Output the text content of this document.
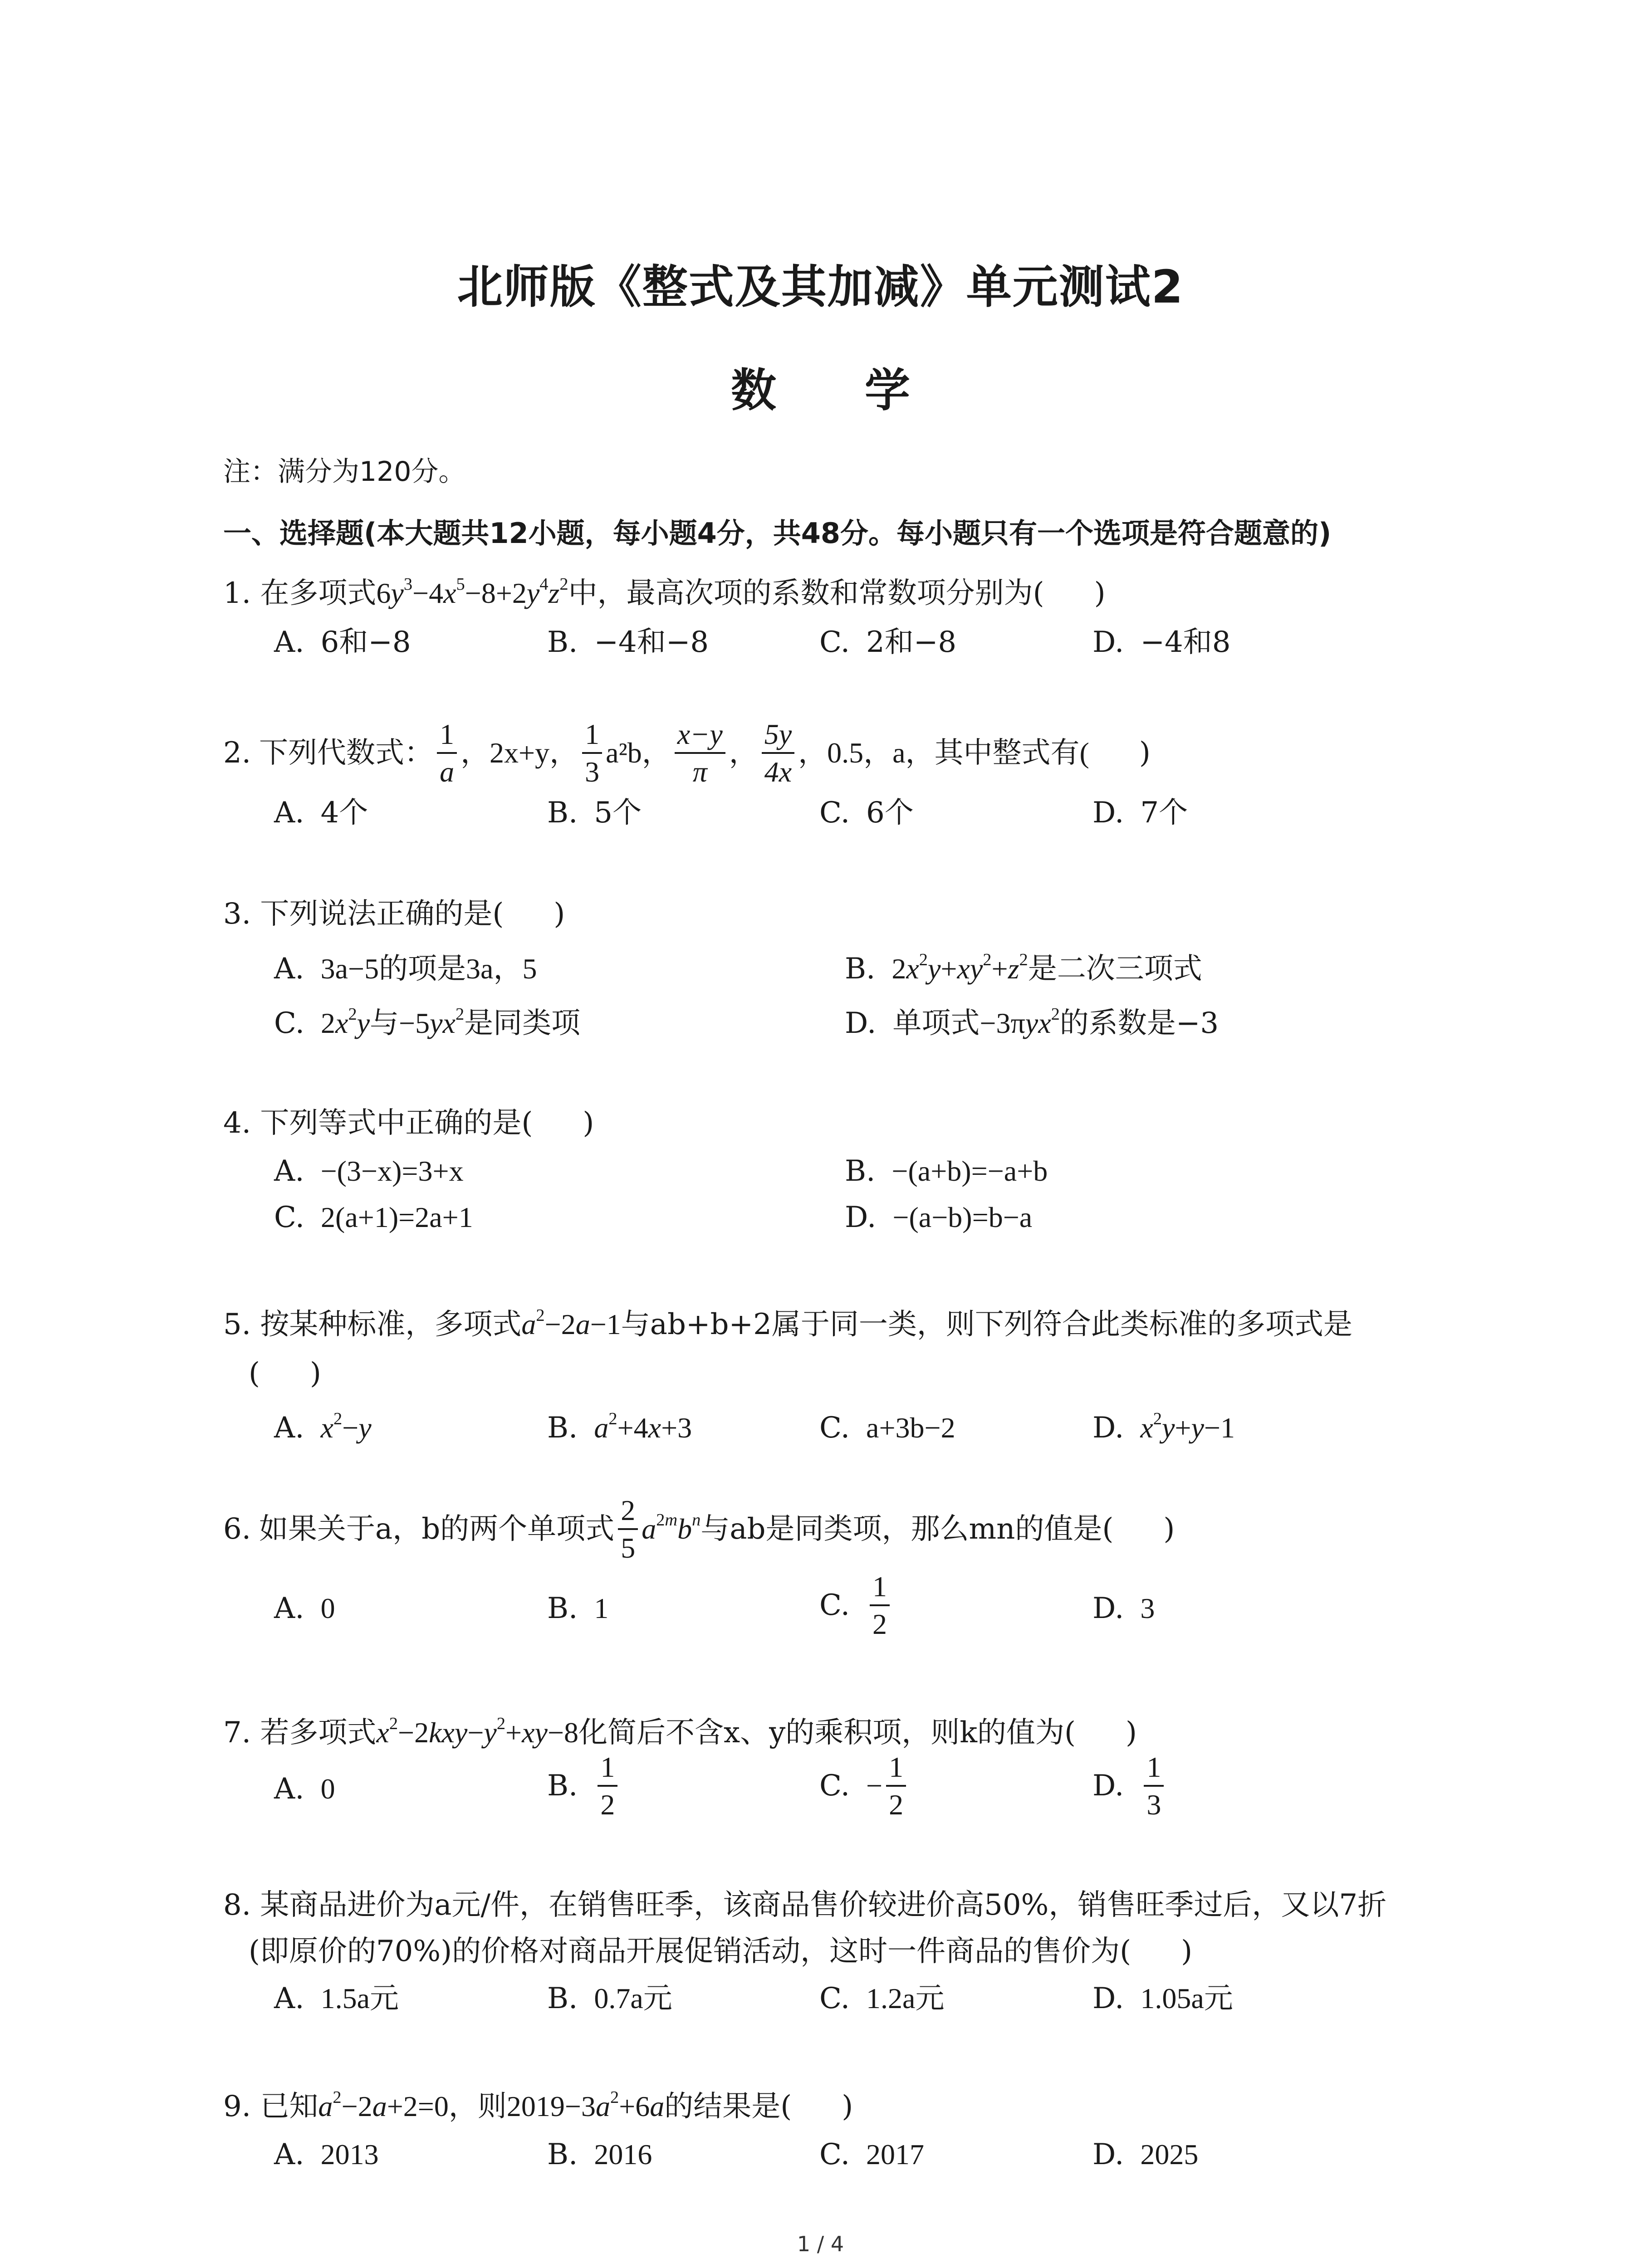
北师版《整式及其加减》单元测试2
数 学
注：满分为120分。
一、选择题(本大题共12小题，每小题4分，共48分。每小题只有一个选项是符合题意的)
1. 在多项式$6y^3-4x^5-8+2y^4z^2$中，最高次项的系数和常数项分别为( )
A. 6和−8	B. −4和−8	C. 2和−8	D. −4和8
2. 下列代数式： $\frac{1}{a}$ ，2x+y， $\frac{1}{3} a^2b$， $\frac{x-y}{\pi}$ ， $\frac{5y}{4x}$ ，0.5，a，其中整式有( )
A. 4个	B. 5个	C. 6个	D. 7个
3. 下列说法正确的是( )
A. 3a−5的项是3a，5	B. $2x^2y+xy^2+z^2$是二次三项式
C. $2x^2y$与$-5yx^2$是同类项	D. 单项式−3πyx$^2$的系数是−3
4. 下列等式中正确的是( )
A. −(3−x)=3+x	B. −(a+b)=−a+b
C. 2(a+1)=2a+1	D. −(a−b)=b−a
5. 按某种标准，多项式$a^2-2a-1$与ab+b+2属于同一类，则下列符合此类标准的多项式是
( )
A. $x^2-y$	B. $a^2+4x+3$	C. a+3b−2	D. $x^2y+y-1$
6. 如果关于a，b的两个单项式 $\frac{2}{5} a^{2m}b^n$ 与ab是同类项，那么mn的值是( )
A. 0	B. 1	C. $\frac{1}{2}$	D. 3
7. 若多项式$x^2-2kxy-y^2+xy-8$化简后不含x、y的乘积项，则k的值为( )
A. 0	B. $\frac{1}{2}$	C. − $\frac{1}{2}$	D. $\frac{1}{3}$
8. 某商品进价为a元/件，在销售旺季，该商品售价较进价高50%，销售旺季过后，又以7折
(即原价的70%)的价格对商品开展促销活动，这时一件商品的售价为( )
A. 1.5a元	B. 0.7a元	C. 1.2a元	D. 1.05a元
9. 已知$a^2-2a+2=0$，则$2019-3a^2+6a$的结果是( )
A. 2013	B. 2016	C. 2017	D. 2025
1 / 4
